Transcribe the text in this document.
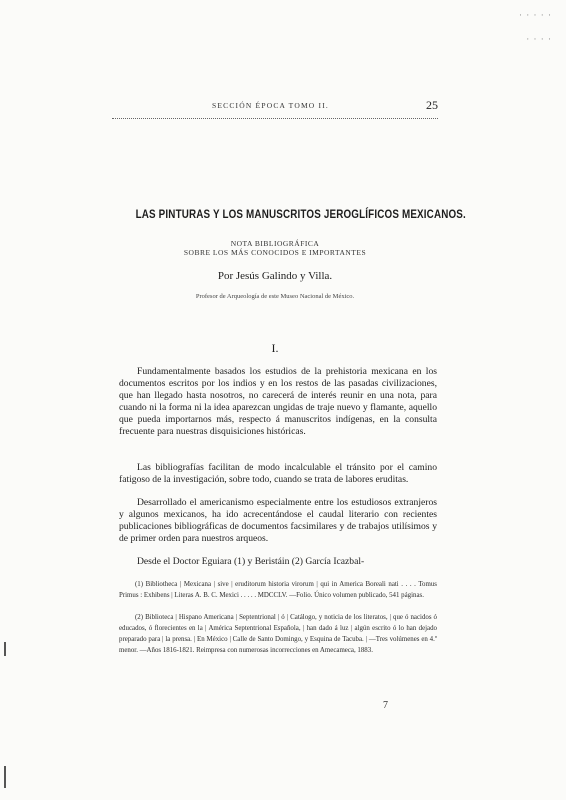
· · · · ·
· · · ·
SECCIÓN ÉPOCA TOMO II.	25
LAS PINTURAS Y LOS MANUSCRITOS JEROGLÍFICOS MEXICANOS.
NOTA BIBLIOGRÁFICA
SOBRE LOS MÁS CONOCIDOS E IMPORTANTES
Por Jesús Galindo y Villa.
Profesor de Arqueología de este Museo Nacional de México.
I.

Fundamentalmente basados los estudios de la prehistoria mexicana en los documentos escritos por los indios y en los restos de las pasadas civilizaciones, que han llegado hasta nosotros, no carecerá de interés reunir en una nota, para cuando ni la forma ni la idea aparezcan ungidas de traje nuevo y flamante, aquello que pueda importarnos más, respecto á manuscritos indígenas, en la consulta frecuente para nuestras disquisiciones históricas.

Las bibliografías facilitan de modo incalculable el tránsito por el camino fatigoso de la investigación, sobre todo, cuando se trata de labores eruditas.

Desarrollado el americanismo especialmente entre los estudiosos extranjeros y algunos mexicanos, ha ido acrecentándose el caudal literario con recientes publicaciones bibliográficas de documentos facsimilares y de trabajos utilísimos y de primer orden para nuestros arqueos.

Desde el Doctor Eguiara (1) y Beristáin (2) García Icazbal-

(1) Bibliotheca | Mexicana | sive | eruditorum historia virorum | qui in America Boreali nati . . . . Tomus Primus : Exhibens | Literas A. B. C. Mexici . . . . . MDCCLV. —Folio. Único volumen publicado, 541 páginas.

(2) Biblioteca | Hispano Americana | Septentrional | ó | Catálogo, y noticia de los literatos, | que ó nacidos ó educados, ó florecientes en la | América Septentrional Española, | han dado á luz | algún escrito ó lo han dejado preparado para | la prensa. | En México | Calle de Santo Domingo, y Esquina de Tacuba. | —Tres volúmenes en 4.º menor. —Años 1816-1821. Reimpresa con numerosas incorrecciones en Amecameca, 1883.

7
